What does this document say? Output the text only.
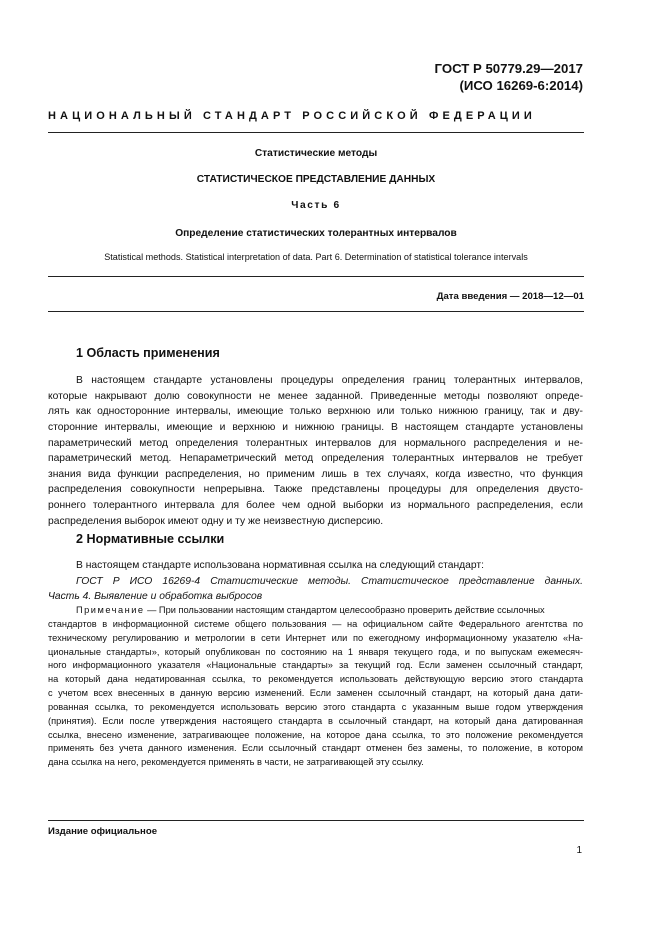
ГОСТ Р 50779.29—2017
(ИСО 16269-6:2014)
НАЦИОНАЛЬНЫЙ СТАНДАРТ РОССИЙСКОЙ ФЕДЕРАЦИИ
Статистические методы
СТАТИСТИЧЕСКОЕ ПРЕДСТАВЛЕНИЕ ДАННЫХ
Часть 6
Определение статистических толерантных интервалов
Statistical methods. Statistical interpretation of data. Part 6. Determination of statistical tolerance intervals
Дата введения — 2018—12—01
1 Область применения
В настоящем стандарте установлены процедуры определения границ толерантных интервалов,
которые накрывают долю совокупности не менее заданной. Приведенные методы позволяют опреде-
лять как односторонние интервалы, имеющие только верхнюю или только нижнюю границу, так и дву-
сторонние интервалы, имеющие и верхнюю и нижнюю границы. В настоящем стандарте установлены
параметрический метод определения толерантных интервалов для нормального распределения и не-
параметрический метод. Непараметрический метод определения толерантных интервалов не требует
знания вида функции распределения, но применим лишь в тех случаях, когда известно, что функция
распределения совокупности непрерывна. Также представлены процедуры для определения двусто-
роннего толерантного интервала для более чем одной выборки из нормального распределения, если
распределения выборок имеют одну и ту же неизвестную дисперсию.
2 Нормативные ссылки
В настоящем стандарте использована нормативная ссылка на следующий стандарт:
ГОСТ Р ИСО 16269-4 Статистические методы. Статистическое представление данных.
Часть 4. Выявление и обработка выбросов
Примечание — При пользовании настоящим стандартом целесообразно проверить действие ссылочных
стандартов в информационной системе общего пользования — на официальном сайте Федерального агентства по
техническому регулированию и метрологии в сети Интернет или по ежегодному информационному указателю «На-
циональные стандарты», который опубликован по состоянию на 1 января текущего года, и по выпускам ежемесяч-
ного информационного указателя «Национальные стандарты» за текущий год. Если заменен ссылочный стандарт,
на который дана недатированная ссылка, то рекомендуется использовать действующую версию этого стандарта
с учетом всех внесенных в данную версию изменений. Если заменен ссылочный стандарт, на который дана дати-
рованная ссылка, то рекомендуется использовать версию этого стандарта с указанным выше годом утверждения
(принятия). Если после утверждения настоящего стандарта в ссылочный стандарт, на который дана датированная
ссылка, внесено изменение, затрагивающее положение, на которое дана ссылка, то это положение рекомендуется
применять без учета данного изменения. Если ссылочный стандарт отменен без замены, то положение, в котором
дана ссылка на него, рекомендуется применять в части, не затрагивающей эту ссылку.
Издание официальное
1
